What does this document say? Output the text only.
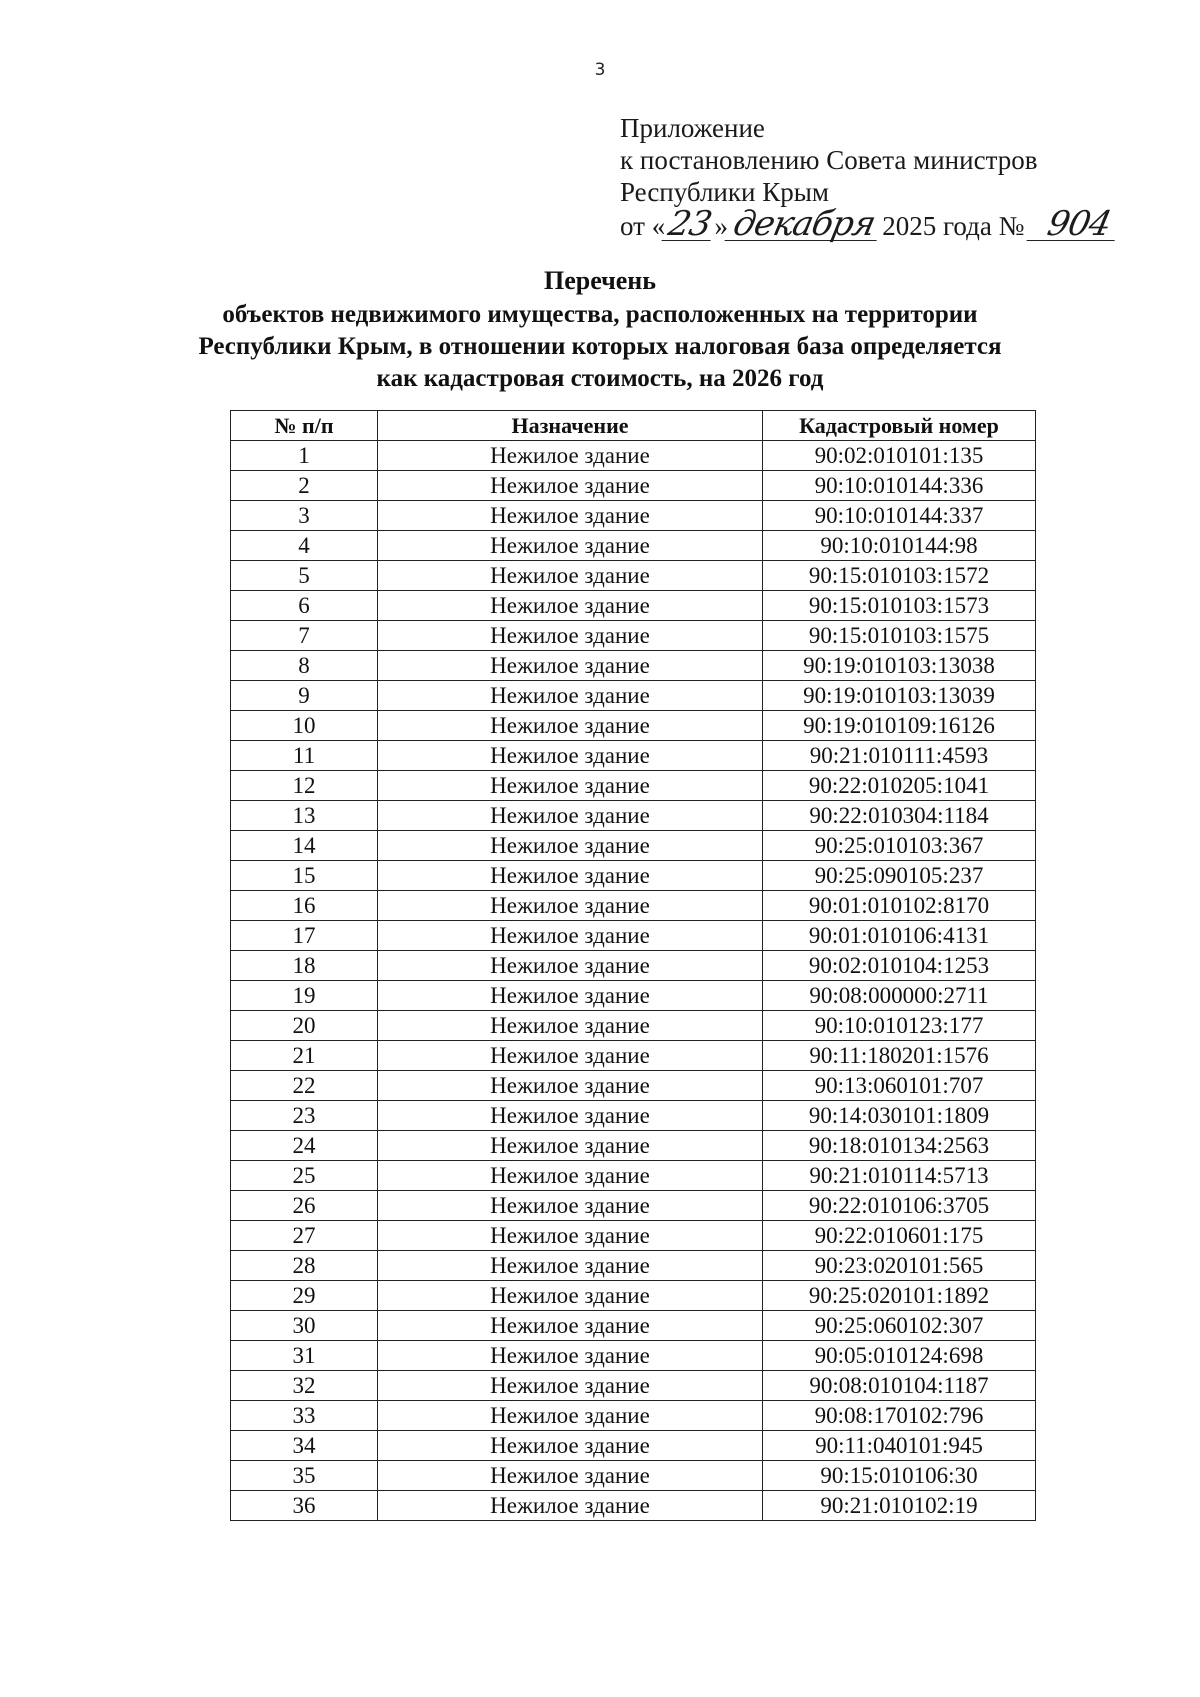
3
Приложение
к постановлению Совета министров
Республики Крым
от «23»декабря 2025 года № 904
Перечень
объектов недвижимого имущества, расположенных на территории
Республики Крым, в отношении которых налоговая база определяется
как кадастровая стоимость, на 2026 год
№ п/п	Назначение	Кадастровый номер
1	Нежилое здание	90:02:010101:135
2	Нежилое здание	90:10:010144:336
3	Нежилое здание	90:10:010144:337
4	Нежилое здание	90:10:010144:98
5	Нежилое здание	90:15:010103:1572
6	Нежилое здание	90:15:010103:1573
7	Нежилое здание	90:15:010103:1575
8	Нежилое здание	90:19:010103:13038
9	Нежилое здание	90:19:010103:13039
10	Нежилое здание	90:19:010109:16126
11	Нежилое здание	90:21:010111:4593
12	Нежилое здание	90:22:010205:1041
13	Нежилое здание	90:22:010304:1184
14	Нежилое здание	90:25:010103:367
15	Нежилое здание	90:25:090105:237
16	Нежилое здание	90:01:010102:8170
17	Нежилое здание	90:01:010106:4131
18	Нежилое здание	90:02:010104:1253
19	Нежилое здание	90:08:000000:2711
20	Нежилое здание	90:10:010123:177
21	Нежилое здание	90:11:180201:1576
22	Нежилое здание	90:13:060101:707
23	Нежилое здание	90:14:030101:1809
24	Нежилое здание	90:18:010134:2563
25	Нежилое здание	90:21:010114:5713
26	Нежилое здание	90:22:010106:3705
27	Нежилое здание	90:22:010601:175
28	Нежилое здание	90:23:020101:565
29	Нежилое здание	90:25:020101:1892
30	Нежилое здание	90:25:060102:307
31	Нежилое здание	90:05:010124:698
32	Нежилое здание	90:08:010104:1187
33	Нежилое здание	90:08:170102:796
34	Нежилое здание	90:11:040101:945
35	Нежилое здание	90:15:010106:30
36	Нежилое здание	90:21:010102:19
